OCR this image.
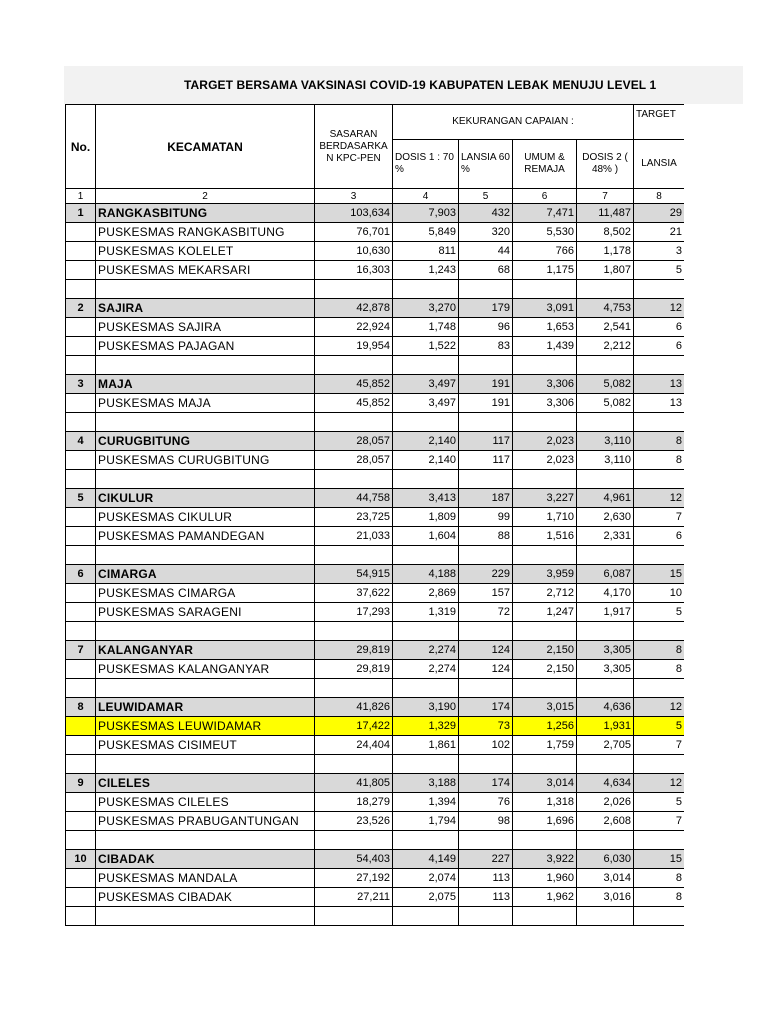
TARGET BERSAMA VAKSINASI COVID-19 KABUPATEN LEBAK MENUJU LEVEL 1
No.	KECAMATAN	SASARAN BERDASARKA N KPC-PEN	KEKURANGAN CAPAIAN :				TARGET
			DOSIS 1 : 70 %	LANSIA 60 %	UMUM & REMAJA	DOSIS 2 ( 48% )	LANSIA
1	2	3	4	5	6	7	8
1	RANGKASBITUNG	103,634	7,903	432	7,471	11,487	29
	PUSKESMAS RANGKASBITUNG	76,701	5,849	320	5,530	8,502	21
	PUSKESMAS KOLELET	10,630	811	44	766	1,178	3
	PUSKESMAS MEKARSARI	16,303	1,243	68	1,175	1,807	5

2	SAJIRA	42,878	3,270	179	3,091	4,753	12
	PUSKESMAS SAJIRA	22,924	1,748	96	1,653	2,541	6
	PUSKESMAS PAJAGAN	19,954	1,522	83	1,439	2,212	6

3	MAJA	45,852	3,497	191	3,306	5,082	13
	PUSKESMAS MAJA	45,852	3,497	191	3,306	5,082	13

4	CURUGBITUNG	28,057	2,140	117	2,023	3,110	8
	PUSKESMAS CURUGBITUNG	28,057	2,140	117	2,023	3,110	8

5	CIKULUR	44,758	3,413	187	3,227	4,961	12
	PUSKESMAS CIKULUR	23,725	1,809	99	1,710	2,630	7
	PUSKESMAS PAMANDEGAN	21,033	1,604	88	1,516	2,331	6

6	CIMARGA	54,915	4,188	229	3,959	6,087	15
	PUSKESMAS CIMARGA	37,622	2,869	157	2,712	4,170	10
	PUSKESMAS SARAGENI	17,293	1,319	72	1,247	1,917	5

7	KALANGANYAR	29,819	2,274	124	2,150	3,305	8
	PUSKESMAS KALANGANYAR	29,819	2,274	124	2,150	3,305	8

8	LEUWIDAMAR	41,826	3,190	174	3,015	4,636	12
	PUSKESMAS LEUWIDAMAR	17,422	1,329	73	1,256	1,931	5
	PUSKESMAS CISIMEUT	24,404	1,861	102	1,759	2,705	7

9	CILELES	41,805	3,188	174	3,014	4,634	12
	PUSKESMAS CILELES	18,279	1,394	76	1,318	2,026	5
	PUSKESMAS PRABUGANTUNGAN	23,526	1,794	98	1,696	2,608	7

10	CIBADAK	54,403	4,149	227	3,922	6,030	15
	PUSKESMAS MANDALA	27,192	2,074	113	1,960	3,014	8
	PUSKESMAS CIBADAK	27,211	2,075	113	1,962	3,016	8
